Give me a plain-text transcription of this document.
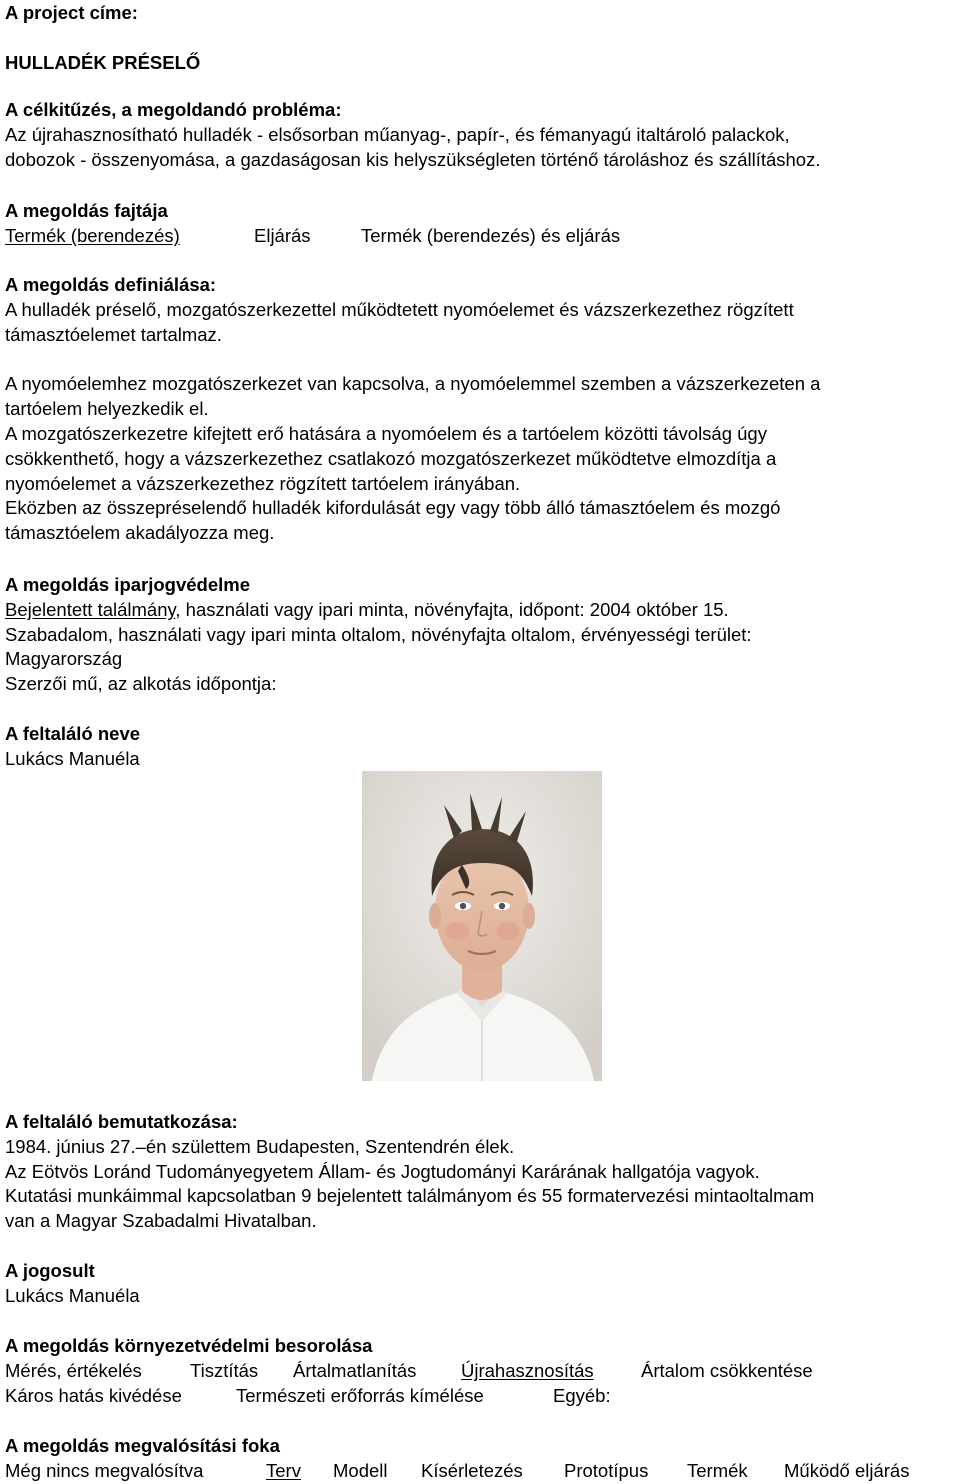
A project címe:
HULLADÉK PRÉSELŐ
A célkitűzés, a megoldandó probléma:
Az újrahasznosítható hulladék - elsősorban műanyag-, papír-, és fémanyagú italtároló palackok,
dobozok - összenyomása, a gazdaságosan kis helyszükségleten történő tároláshoz és szállításhoz.
A megoldás fajtája
Termék (berendezés)	Eljárás	Termék (berendezés) és eljárás
A megoldás definiálása:
A hulladék préselő, mozgatószerkezettel működtetett nyomóelemet és vázszerkezethez rögzített
támasztóelemet tartalmaz.
A nyomóelemhez mozgatószerkezet van kapcsolva, a nyomóelemmel szemben a vázszerkezeten a
tartóelem helyezkedik el.
A mozgatószerkezetre kifejtett erő hatására a nyomóelem és a tartóelem közötti távolság úgy
csökkenthető, hogy a vázszerkezethez csatlakozó mozgatószerkezet működtetve elmozdítja a
nyomóelemet a vázszerkezethez rögzített tartóelem irányában.
Eközben az összepréselendő hulladék kifordulását egy vagy több álló támasztóelem és mozgó
támasztóelem akadályozza meg.
A megoldás iparjogvédelme
Bejelentett találmány, használati vagy ipari minta, növényfajta, időpont: 2004 október 15.
Szabadalom, használati vagy ipari minta oltalom, növényfajta oltalom, érvényességi terület:
Magyarország
Szerzői mű, az alkotás időpontja:
A feltaláló neve
Lukács Manuéla
A feltaláló bemutatkozása:
1984. június 27.–én születtem Budapesten, Szentendrén élek.
Az Eötvös Loránd Tudományegyetem Állam- és Jogtudományi Karárának hallgatója vagyok.
Kutatási munkáimmal kapcsolatban 9 bejelentett találmányom és 55 formatervezési mintaoltalmam
van a Magyar Szabadalmi Hivatalban.
A jogosult
Lukács Manuéla
A megoldás környezetvédelmi besorolása
Mérés, értékelés	Tisztítás Ártalmatlanítás Újrahasznosítás	Ártalom csökkentése
Káros hatás kivédése	Természeti erőforrás kímélése	Egyéb:
A megoldás megvalósítási foka
Még nincs megvalósítva	Terv Modell Kísérletezés Prototípus Termék Működő eljárás
